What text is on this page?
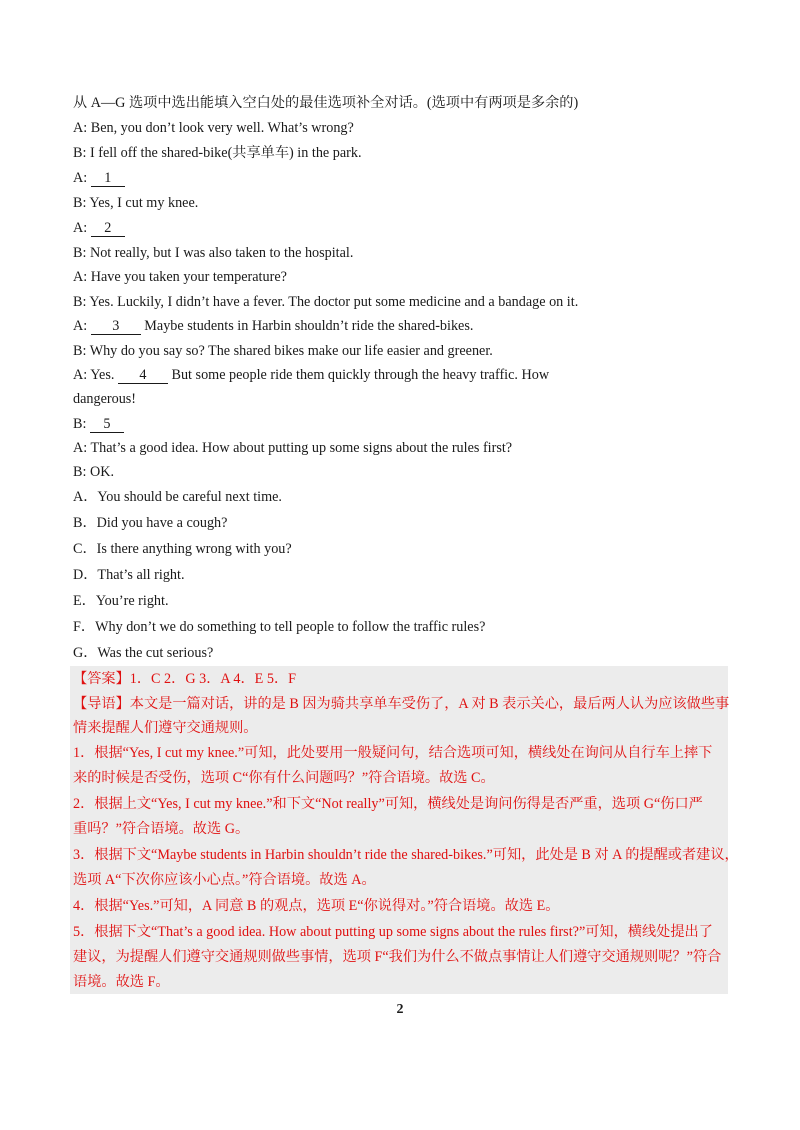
从 A—G 选项中选出能填入空白处的最佳选项补全对话。(选项中有两项是多余的)

A: Ben, you don’t look very well. What’s wrong?

B: I fell off the shared-bike(共享单车) in the park.

A: 1

B: Yes, I cut my knee.

A: 2

B: Not really, but I was also taken to the hospital.

A: Have you taken your temperature?

B: Yes. Luckily, I didn’t have a fever. The doctor put some medicine and a bandage on it.

A: 3 Maybe students in Harbin shouldn’t ride the shared-bikes.

B: Why do you say so? The shared bikes make our life easier and greener.

A: Yes. 4 But some people ride them quickly through the heavy traffic. How

dangerous!

B: 5

A: That’s a good idea. How about putting up some signs about the rules first?

B: OK.

A．You should be careful next time.

B．Did you have a cough?

C．Is there anything wrong with you?

D．That’s all right.

E．You’re right.

F．Why don’t we do something to tell people to follow the traffic rules?

G．Was the cut serious?

【答案】1．C 2．G 3．A 4．E 5．F

【导语】本文是一篇对话，讲的是 B 因为骑共享单车受伤了，A 对 B 表示关心，最后两人认为应该做些事

情来提醒人们遵守交通规则。

1．根据“Yes, I cut my knee.”可知，此处要用一般疑问句，结合选项可知，横线处在询问从自行车上摔下

来的时候是否受伤，选项 C“你有什么问题吗？”符合语境。故选 C。

2．根据上文“Yes, I cut my knee.”和下文“Not really”可知，横线处是询问伤得是否严重，选项 G“伤口严

重吗？”符合语境。故选 G。

3．根据下文“Maybe students in Harbin shouldn’t ride the shared-bikes.”可知，此处是 B 对 A 的提醒或者建议，

选项 A“下次你应该小心点。”符合语境。故选 A。

4．根据“Yes.”可知，A 同意 B 的观点，选项 E“你说得对。”符合语境。故选 E。

5．根据下文“That’s a good idea. How about putting up some signs about the rules first?”可知，横线处提出了

建议，为提醒人们遵守交通规则做些事情，选项 F“我们为什么不做点事情让人们遵守交通规则呢？”符合

语境。故选 F。

2
